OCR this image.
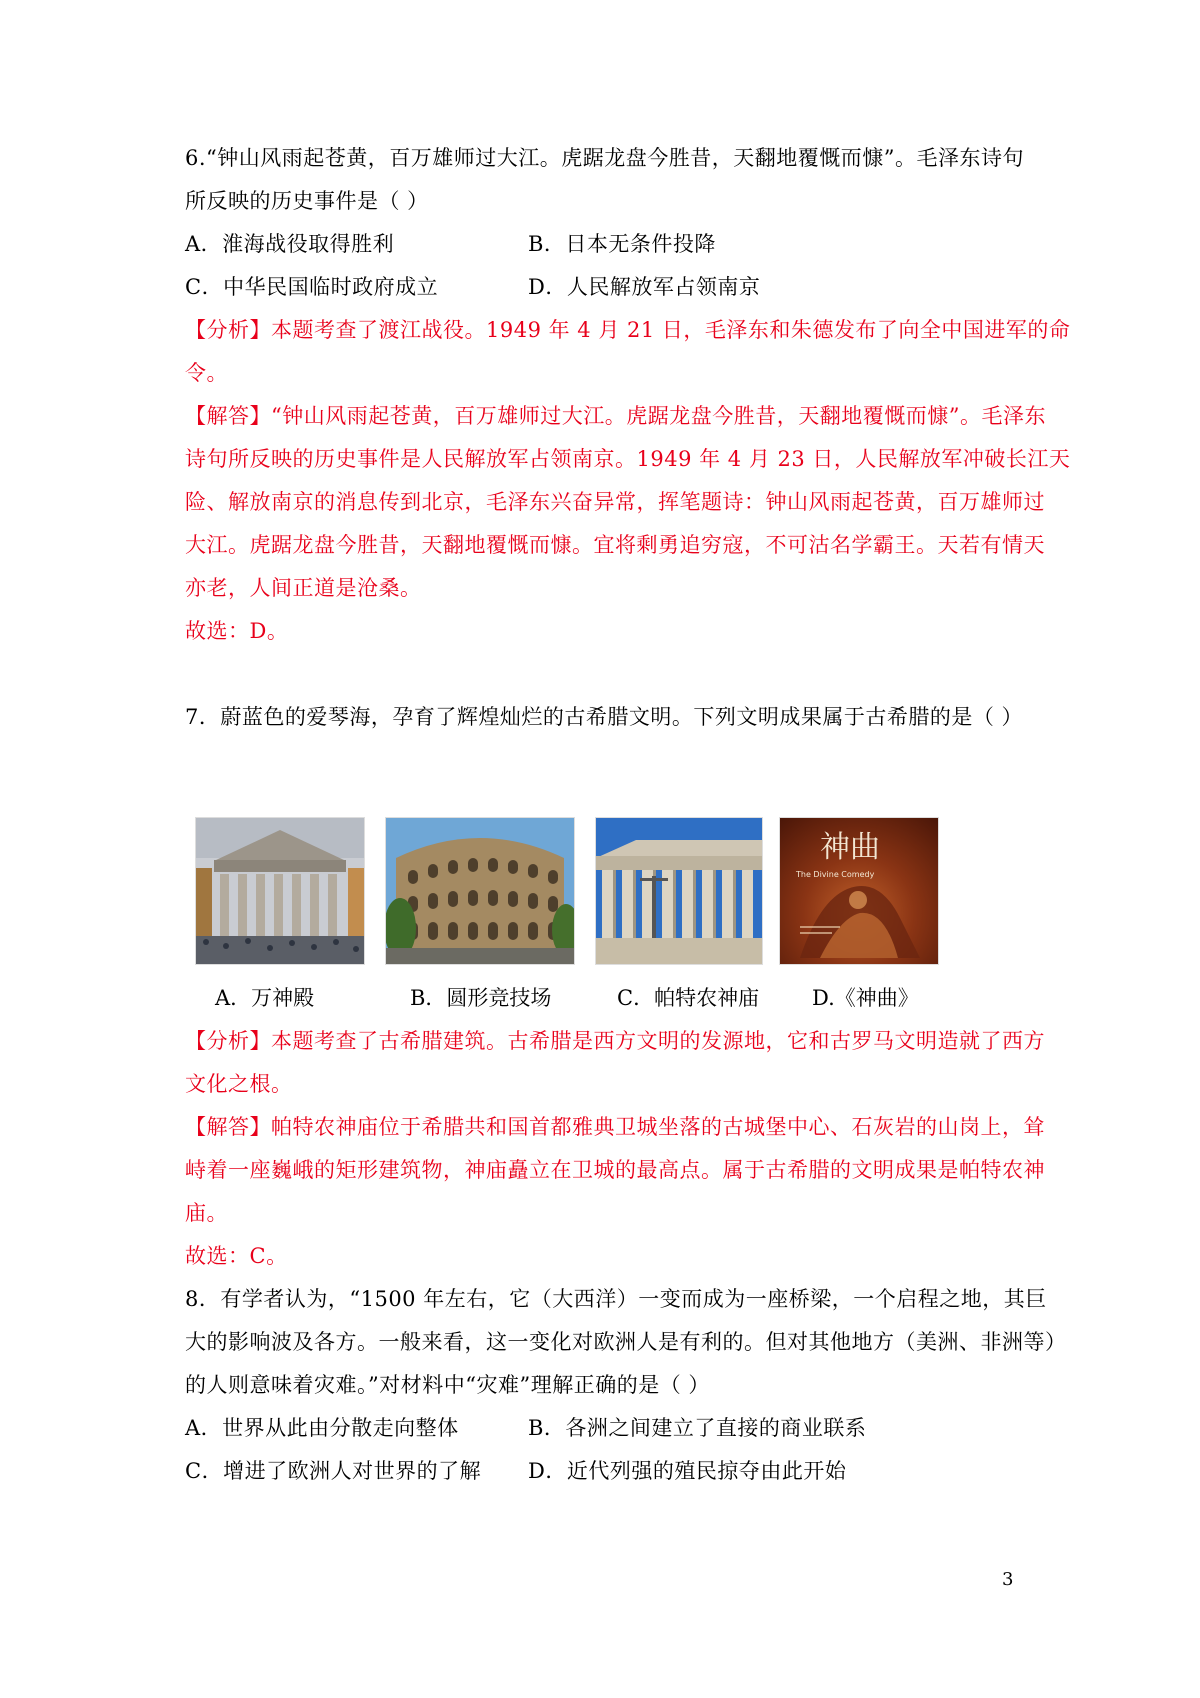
6.“钟山风雨起苍黄，百万雄师过大江。虎踞龙盘今胜昔，天翻地覆慨而慷”。毛泽东诗句
所反映的历史事件是（ ）
A．淮海战役取得胜利	B．日本无条件投降
C．中华民国临时政府成立	D．人民解放军占领南京
【分析】本题考查了渡江战役。1949 年 4 月 21 日，毛泽东和朱德发布了向全中国进军的命
令。
【解答】“钟山风雨起苍黄，百万雄师过大江。虎踞龙盘今胜昔，天翻地覆慨而慷”。毛泽东
诗句所反映的历史事件是人民解放军占领南京。1949 年 4 月 23 日，人民解放军冲破长江天
险、解放南京的消息传到北京，毛泽东兴奋异常，挥笔题诗：钟山风雨起苍黄，百万雄师过
大江。虎踞龙盘今胜昔，天翻地覆慨而慷。宜将剩勇追穷寇，不可沽名学霸王。天若有情天
亦老，人间正道是沧桑。
故选：D。
7．蔚蓝色的爱琴海，孕育了辉煌灿烂的古希腊文明。下列文明成果属于古希腊的是（ ）
神曲
The Divine Comedy
A．万神殿	B．圆形竞技场	C．帕特农神庙	D.《神曲》
【分析】本题考查了古希腊建筑。古希腊是西方文明的发源地，它和古罗马文明造就了西方
文化之根。
【解答】帕特农神庙位于希腊共和国首都雅典卫城坐落的古城堡中心、石灰岩的山岗上，耸
峙着一座巍峨的矩形建筑物，神庙矗立在卫城的最高点。属于古希腊的文明成果是帕特农神
庙。
故选：C。
8．有学者认为，“1500 年左右，它（大西洋）一变而成为一座桥梁，一个启程之地，其巨
大的影响波及各方。一般来看，这一变化对欧洲人是有利的。但对其他地方（美洲、非洲等）
的人则意味着灾难。”对材料中“灾难”理解正确的是（ ）
A．世界从此由分散走向整体	B．各洲之间建立了直接的商业联系
C．增进了欧洲人对世界的了解 D．近代列强的殖民掠夺由此开始
3
